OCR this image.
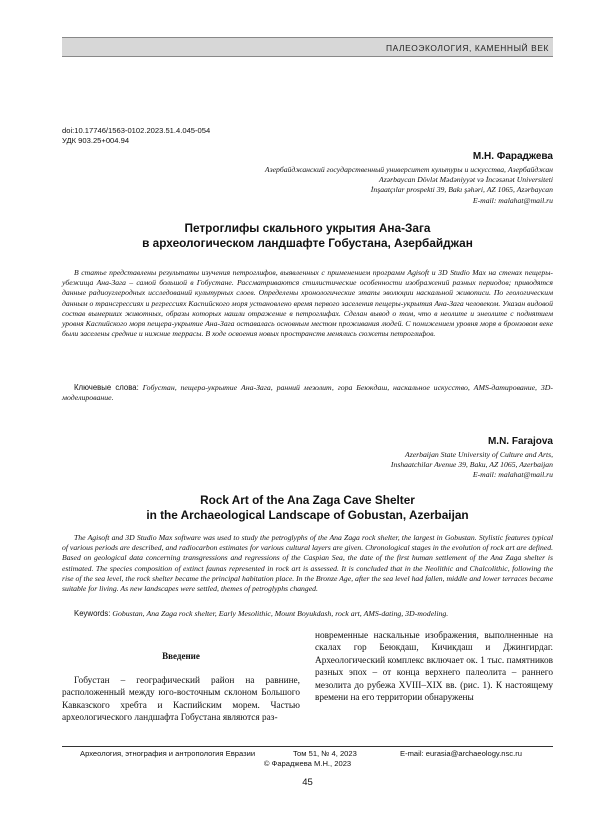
ПАЛЕОЭКОЛОГИЯ, КАМЕННЫЙ ВЕК
doi:10.17746/1563-0102.2023.51.4.045-054
УДК 903.25+004.94
М.Н. Фараджева
Азербайджанский государственный университет культуры и искусства, Азербайджан
Azərbaycan Dövlət Mədəniyyət və İncəsənət Universiteti
İnşaatçılar prospekti 39, Bakı şəhəri, AZ 1065, Azərbaycan
E-mail: malahat@mail.ru
Петроглифы скального укрытия Ана-Зага
в археологическом ландшафте Гобустана, Азербайджан
В статье представлены результаты изучения петроглифов, выявленных с применением программ Agisoft и 3D Studio Max на стенах пещеры-убежища Ана-Зага – самой большой в Гобустане. Рассматриваются стилистические особенности изображений разных периодов; приводятся данные радиоуглеродных исследований культурных слоев. Определены хронологические этапы эволюции наскальной живописи. По геологическим данным о трансгрессиях и регрессиях Каспийского моря установлено время первого заселения пещеры-укрытия Ана-Зага человеком. Указан видовой состав вымерших животных, образы которых нашли отражение в петроглифах. Сделан вывод о том, что в неолите и энеолите с поднятием уровня Каспийского моря пещера-укрытие Ана-Зага оставалась основным местом проживания людей. С понижением уровня моря в бронзовом веке были заселены средние и нижние террасы. В ходе освоения новых пространств менялись сюжеты петроглифов.
Ключевые слова: Гобустан, пещера-укрытие Ана-Зага, ранний мезолит, гора Беюкдаш, наскальное искусство, AMS-датирование, 3D-моделирование.
M.N. Farajova
Azerbaijan State University of Culture and Arts,
Inshaatchilar Avenue 39, Baku, AZ 1065, Azerbaijan
E-mail: malahat@mail.ru
Rock Art of the Ana Zaga Cave Shelter
in the Archaeological Landscape of Gobustan, Azerbaijan
The Agisoft and 3D Studio Max software was used to study the petroglyphs of the Ana Zaga rock shelter, the largest in Gobustan. Stylistic features typical of various periods are described, and radiocarbon estimates for various cultural layers are given. Chronological stages in the evolution of rock art are defined. Based on geological data concerning transgressions and regressions of the Caspian Sea, the date of the first human settlement of the Ana Zaga shelter is estimated. The species composition of extinct faunas represented in rock art is assessed. It is concluded that in the Neolithic and Chalcolithic, following the rise of the sea level, the rock shelter became the principal habitation place. In the Bronze Age, after the sea level had fallen, middle and lower terraces became suitable for living. As new landscapes were settled, themes of petroglyphs changed.
Keywords: Gobustan, Ana Zaga rock shelter, Early Mesolithic, Mount Boyukdash, rock art, AMS-dating, 3D-modeling.
Введение

Гобустан – географический район на равнине, расположенный между юго-восточным склоном Большого Кавказского хребта и Каспийским морем. Частью археологического ландшафта Гобустана являются раз-

новременные наскальные изображения, выполненные на скалах гор Беюкдаш, Кичикдаш и Джингирдаг. Археологический комплекс включает ок. 1 тыс. памятников разных эпох – от конца верхнего палеолита – раннего мезолита до рубежа XVIII–XIX вв. (рис. 1). К настоящему времени на его территории обнаружены

Археология, этнография и антропология Евразии	Том 51, № 4, 2023	E-mail: eurasia@archaeology.nsc.ru
© Фараджева М.Н., 2023
45
